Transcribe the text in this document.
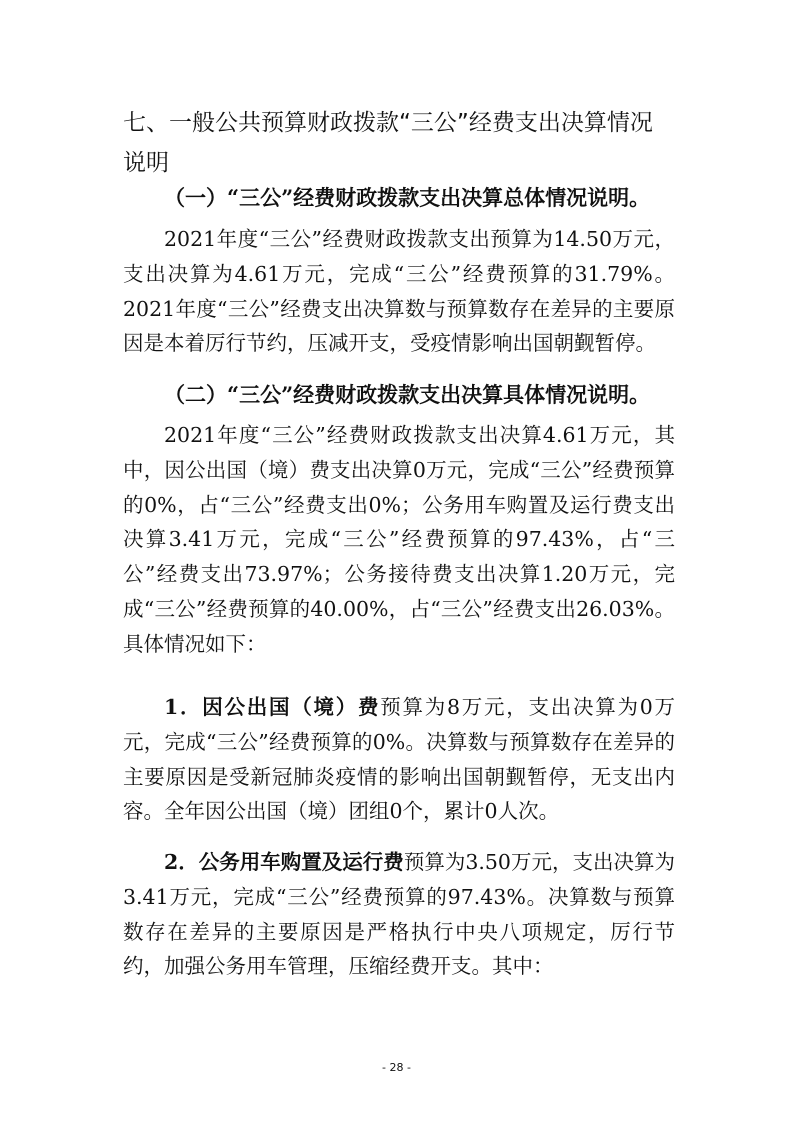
七、一般公共预算财政拨款“三公”经费支出决算情况说明
（一）“三公”经费财政拨款支出决算总体情况说明。
2021年度“三公”经费财政拨款支出预算为14.50万元，支出决算为4.61万元，完成“三公”经费预算的31.79%。2021年度“三公”经费支出决算数与预算数存在差异的主要原因是本着厉行节约，压减开支，受疫情影响出国朝觐暂停。
（二）“三公”经费财政拨款支出决算具体情况说明。
2021年度“三公”经费财政拨款支出决算4.61万元，其中，因公出国（境）费支出决算0万元，完成“三公”经费预算的0%，占“三公”经费支出0%；公务用车购置及运行费支出决算3.41万元，完成“三公”经费预算的97.43%，占“三公”经费支出73.97%；公务接待费支出决算1.20万元，完成“三公”经费预算的40.00%，占“三公”经费支出26.03%。具体情况如下：
1．因公出国（境）费预算为8万元，支出决算为0万元，完成“三公”经费预算的0%。决算数与预算数存在差异的主要原因是受新冠肺炎疫情的影响出国朝觐暂停，无支出内容。全年因公出国（境）团组0个，累计0人次。
2．公务用车购置及运行费预算为3.50万元，支出决算为3.41万元，完成“三公”经费预算的97.43%。决算数与预算数存在差异的主要原因是严格执行中央八项规定，厉行节约，加强公务用车管理，压缩经费开支。其中：
- 28 -
